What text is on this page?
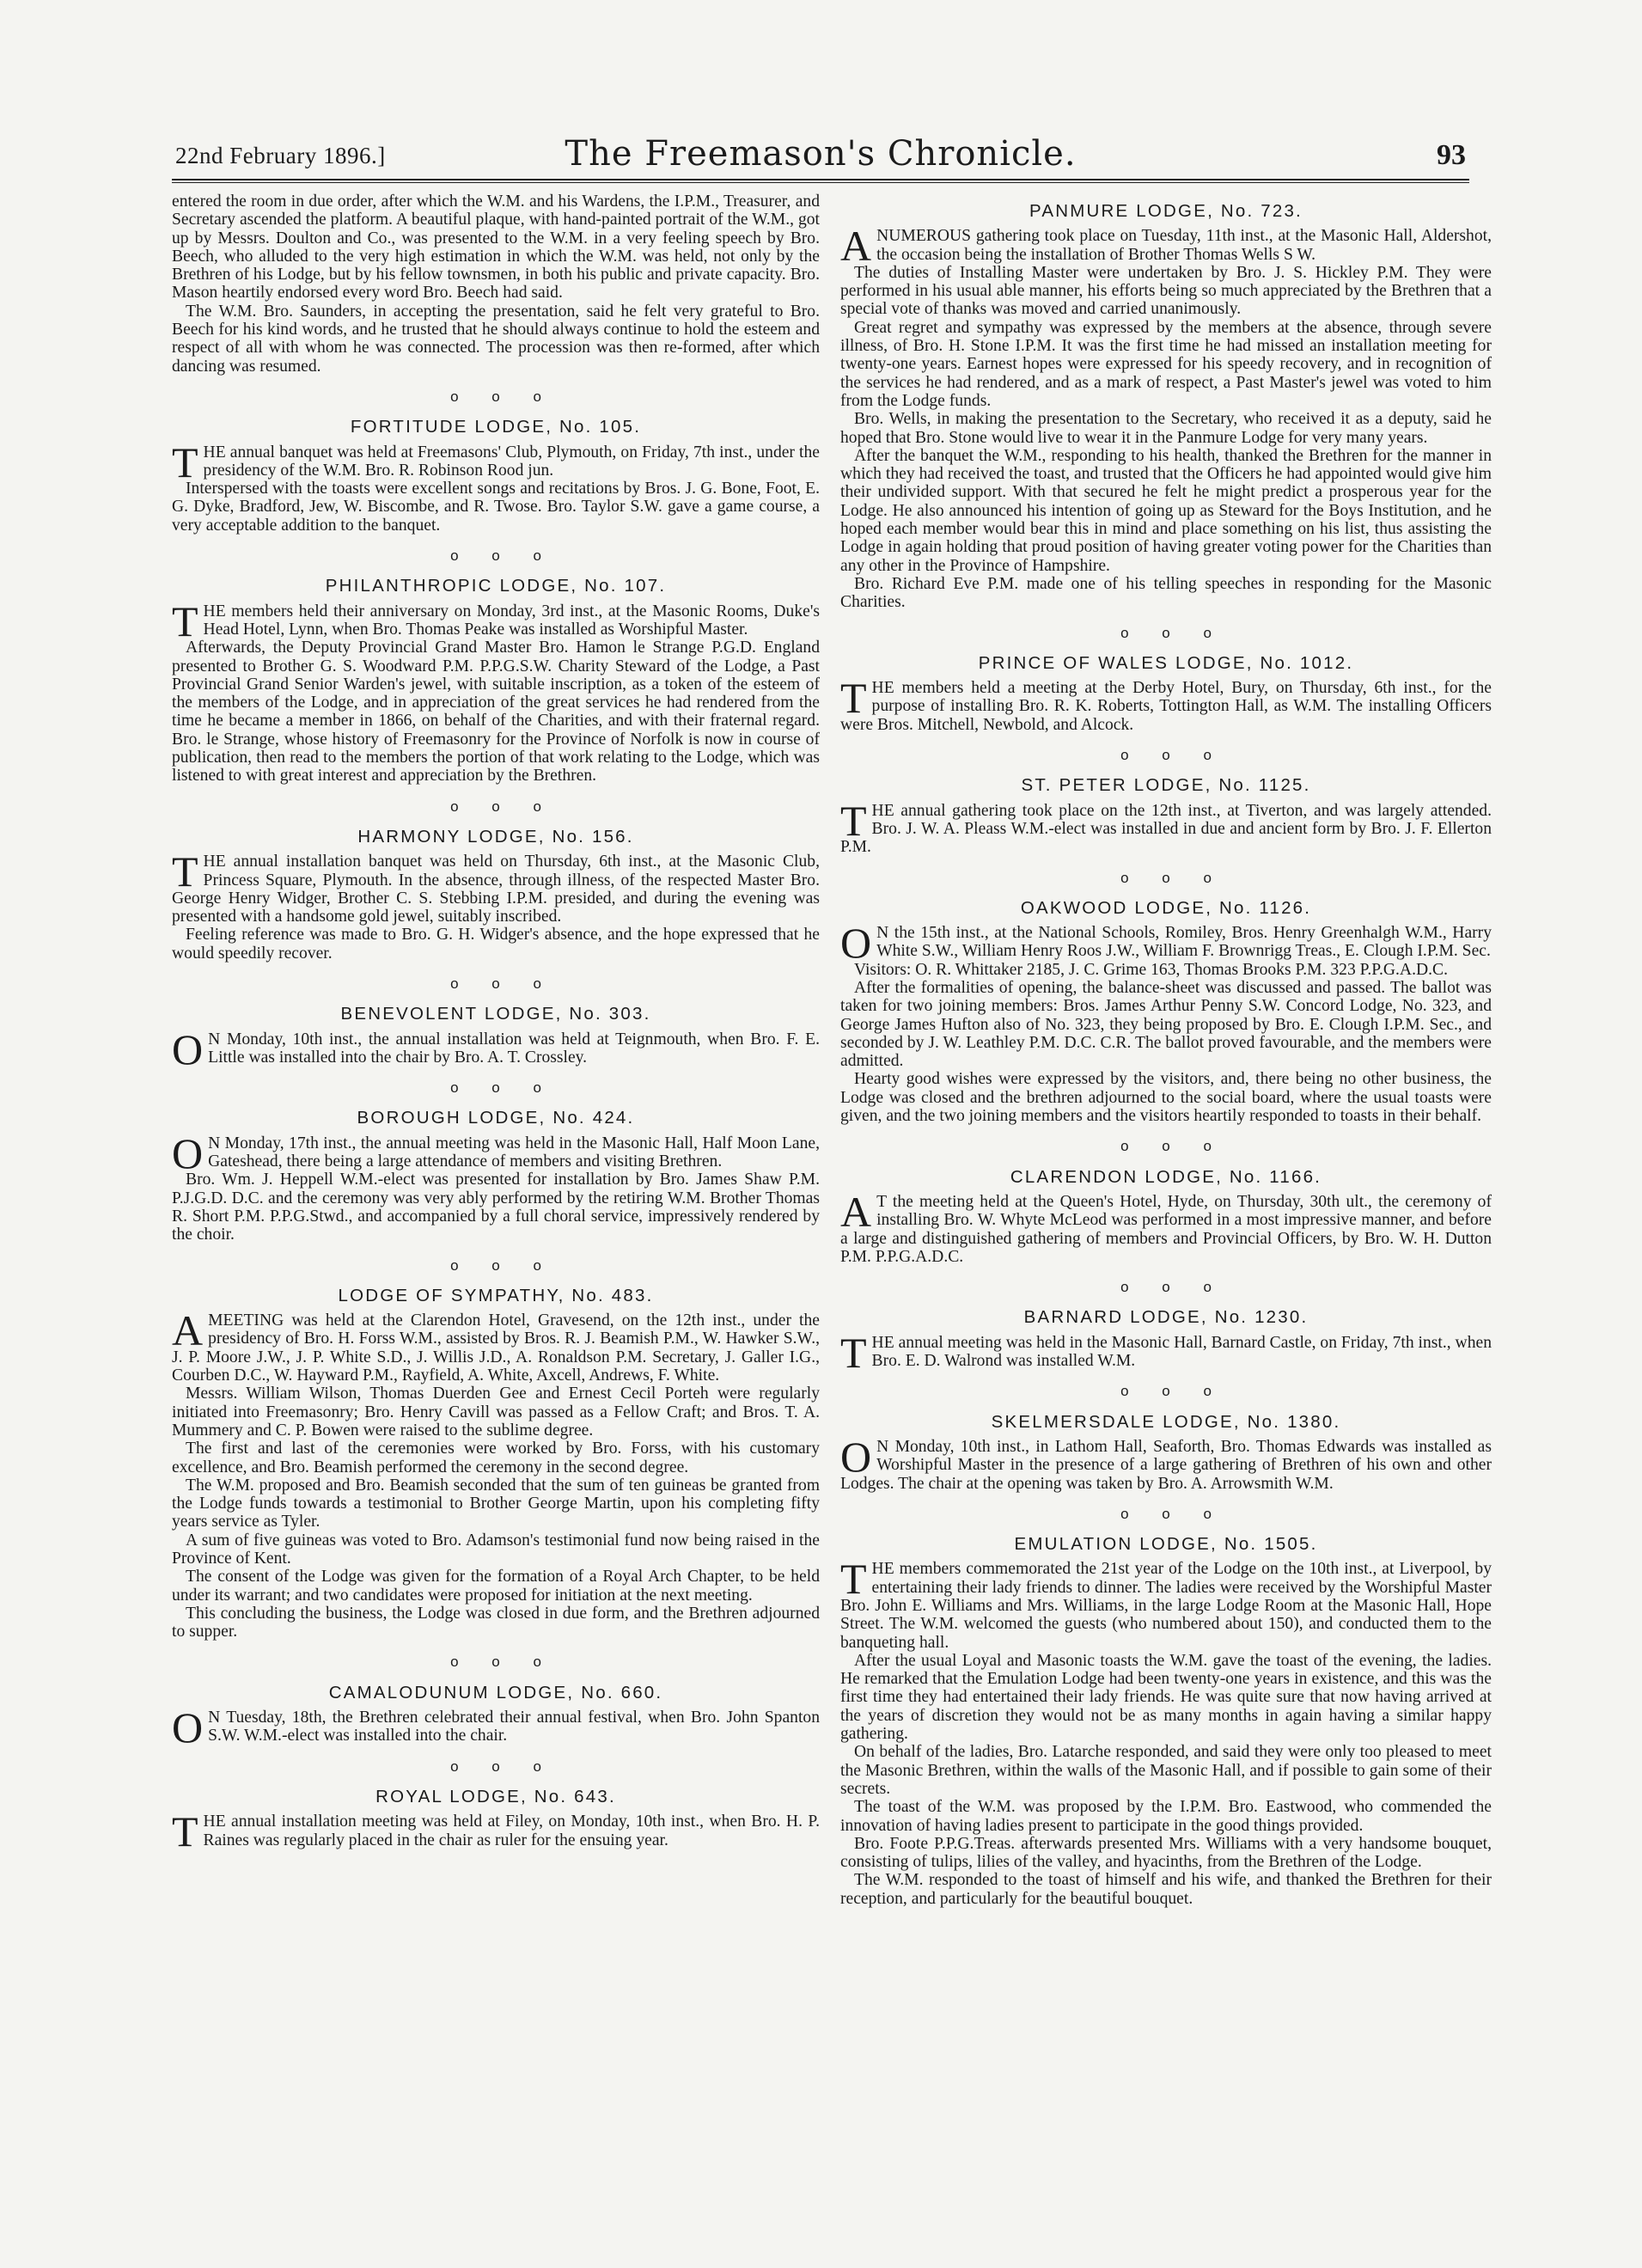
22nd February 1896.]	The Freemason's Chronicle.	93

entered the room in due order, after which the W.M. and his Wardens, the I.P.M., Treasurer, and Secretary ascended the platform. A beautiful plaque, with hand-painted portrait of the W.M., got up by Messrs. Doulton and Co., was presented to the W.M. in a very feeling speech by Bro. Beech, who alluded to the very high estimation in which the W.M. was held, not only by the Brethren of his Lodge, but by his fellow townsmen, in both his public and private capacity. Bro. Mason heartily endorsed every word Bro. Beech had said.

The W.M. Bro. Saunders, in accepting the presentation, said he felt very grateful to Bro. Beech for his kind words, and he trusted that he should always continue to hold the esteem and respect of all with whom he was connected. The procession was then re-formed, after which dancing was resumed.

o o o
FORTITUDE LODGE, No. 105.

THE annual banquet was held at Freemasons' Club, Plymouth, on Friday, 7th inst., under the presidency of the W.M. Bro. R. Robinson Rood jun.

Interspersed with the toasts were excellent songs and recitations by Bros. J. G. Bone, Foot, E. G. Dyke, Bradford, Jew, W. Biscombe, and R. Twose. Bro. Taylor S.W. gave a game course, a very acceptable addition to the banquet.

o o o
PHILANTHROPIC LODGE, No. 107.

THE members held their anniversary on Monday, 3rd inst., at the Masonic Rooms, Duke's Head Hotel, Lynn, when Bro. Thomas Peake was installed as Worshipful Master.

Afterwards, the Deputy Provincial Grand Master Bro. Hamon le Strange P.G.D. England presented to Brother G. S. Woodward P.M. P.P.G.S.W. Charity Steward of the Lodge, a Past Provincial Grand Senior Warden's jewel, with suitable inscription, as a token of the esteem of the members of the Lodge, and in appreciation of the great services he had rendered from the time he became a member in 1866, on behalf of the Charities, and with their fraternal regard. Bro. le Strange, whose history of Freemasonry for the Province of Norfolk is now in course of publication, then read to the members the portion of that work relating to the Lodge, which was listened to with great interest and appreciation by the Brethren.

o o o
HARMONY LODGE, No. 156.

THE annual installation banquet was held on Thursday, 6th inst., at the Masonic Club, Princess Square, Plymouth. In the absence, through illness, of the respected Master Bro. George Henry Widger, Brother C. S. Stebbing I.P.M. presided, and during the evening was presented with a handsome gold jewel, suitably inscribed.

Feeling reference was made to Bro. G. H. Widger's absence, and the hope expressed that he would speedily recover.

o o o
BENEVOLENT LODGE, No. 303.

O N Monday, 10th inst., the annual installation was held at Teignmouth, when Bro. F. E. Little was installed into the chair by Bro. A. T. Crossley.

o o o
BOROUGH LODGE, No. 424.

O N Monday, 17th inst., the annual meeting was held in the Masonic Hall, Half Moon Lane, Gateshead, there being a large attendance of members and visiting Brethren.

Bro. Wm. J. Heppell W.M.-elect was presented for installation by Bro. James Shaw P.M. P.J.G.D. D.C. and the ceremony was very ably performed by the retiring W.M. Brother Thomas R. Short P.M. P.P.G.Stwd., and accompanied by a full choral service, impressively rendered by the choir.

o o o
LODGE OF SYMPATHY, No. 483.

AMEETING was held at the Clarendon Hotel, Gravesend, on the 12th inst., under the presidency of Bro. H. Forss W.M., assisted by Bros. R. J. Beamish P.M., W. Hawker S.W., J. P. Moore J.W., J. P. White S.D., J. Willis J.D., A. Ronaldson P.M. Secretary, J. Galler I.G., Courben D.C., W. Hayward P.M., Rayfield, A. White, Axcell, Andrews, F. White.

Messrs. William Wilson, Thomas Duerden Gee and Ernest Cecil Porteh were regularly initiated into Freemasonry; Bro. Henry Cavill was passed as a Fellow Craft; and Bros. T. A. Mummery and C. P. Bowen were raised to the sublime degree.

The first and last of the ceremonies were worked by Bro. Forss, with his customary excellence, and Bro. Beamish performed the ceremony in the second degree.

The W.M. proposed and Bro. Beamish seconded that the sum of ten guineas be granted from the Lodge funds towards a testimonial to Brother George Martin, upon his completing fifty years service as Tyler.

A sum of five guineas was voted to Bro. Adamson's testimonial fund now being raised in the Province of Kent.

The consent of the Lodge was given for the formation of a Royal Arch Chapter, to be held under its warrant; and two candidates were proposed for initiation at the next meeting.

This concluding the business, the Lodge was closed in due form, and the Brethren adjourned to supper.

o o o
CAMALODUNUM LODGE, No. 660.

O N Tuesday, 18th, the Brethren celebrated their annual festival, when Bro. John Spanton S.W. W.M.-elect was installed into the chair.

o o o
ROYAL LODGE, No. 643.

THE annual installation meeting was held at Filey, on Monday, 10th inst., when Bro. H. P. Raines was regularly placed in the chair as ruler for the ensuing year.

PANMURE LODGE, No. 723.

ANUMEROUS gathering took place on Tuesday, 11th inst., at the Masonic Hall, Aldershot, the occasion being the installation of Brother Thomas Wells S W.

The duties of Installing Master were undertaken by Bro. J. S. Hickley P.M. They were performed in his usual able manner, his efforts being so much appreciated by the Brethren that a special vote of thanks was moved and carried unanimously.

Great regret and sympathy was expressed by the members at the absence, through severe illness, of Bro. H. Stone I.P.M. It was the first time he had missed an installation meeting for twenty-one years. Earnest hopes were expressed for his speedy recovery, and in recognition of the services he had rendered, and as a mark of respect, a Past Master's jewel was voted to him from the Lodge funds.

Bro. Wells, in making the presentation to the Secretary, who received it as a deputy, said he hoped that Bro. Stone would live to wear it in the Panmure Lodge for very many years.

After the banquet the W.M., responding to his health, thanked the Brethren for the manner in which they had received the toast, and trusted that the Officers he had appointed would give him their undivided support. With that secured he felt he might predict a prosperous year for the Lodge. He also announced his intention of going up as Steward for the Boys Institution, and he hoped each member would bear this in mind and place something on his list, thus assisting the Lodge in again holding that proud position of having greater voting power for the Charities than any other in the Province of Hampshire.

Bro. Richard Eve P.M. made one of his telling speeches in responding for the Masonic Charities.

o o o
PRINCE OF WALES LODGE, No. 1012.

THE members held a meeting at the Derby Hotel, Bury, on Thursday, 6th inst., for the purpose of installing Bro. R. K. Roberts, Tottington Hall, as W.M. The installing Officers were Bros. Mitchell, Newbold, and Alcock.

o o o
ST. PETER LODGE, No. 1125.

THE annual gathering took place on the 12th inst., at Tiverton, and was largely attended. Bro. J. W. A. Pleass W.M.-elect was installed in due and ancient form by Bro. J. F. Ellerton P.M.

o o o
OAKWOOD LODGE, No. 1126.

O N the 15th inst., at the National Schools, Romiley, Bros. Henry Greenhalgh W.M., Harry White S.W., William Henry Roos J.W., William F. Brownrigg Treas., E. Clough I.P.M. Sec.

Visitors: O. R. Whittaker 2185, J. C. Grime 163, Thomas Brooks P.M. 323 P.P.G.A.D.C.

After the formalities of opening, the balance-sheet was discussed and passed. The ballot was taken for two joining members: Bros. James Arthur Penny S.W. Concord Lodge, No. 323, and George James Hufton also of No. 323, they being proposed by Bro. E. Clough I.P.M. Sec., and seconded by J. W. Leathley P.M. D.C. C.R. The ballot proved favourable, and the members were admitted.

Hearty good wishes were expressed by the visitors, and, there being no other business, the Lodge was closed and the brethren adjourned to the social board, where the usual toasts were given, and the two joining members and the visitors heartily responded to toasts in their behalf.

o o o
CLARENDON LODGE, No. 1166.

A T the meeting held at the Queen's Hotel, Hyde, on Thursday, 30th ult., the ceremony of installing Bro. W. Whyte McLeod was performed in a most impressive manner, and before a large and distinguished gathering of members and Provincial Officers, by Bro. W. H. Dutton P.M. P.P.G.A.D.C.

o o o
BARNARD LODGE, No. 1230.

THE annual meeting was held in the Masonic Hall, Barnard Castle, on Friday, 7th inst., when Bro. E. D. Walrond was installed W.M.

o o o
SKELMERSDALE LODGE, No. 1380.

O N Monday, 10th inst., in Lathom Hall, Seaforth, Bro. Thomas Edwards was installed as Worshipful Master in the presence of a large gathering of Brethren of his own and other Lodges. The chair at the opening was taken by Bro. A. Arrowsmith W.M.

o o o
EMULATION LODGE, No. 1505.

THE members commemorated the 21st year of the Lodge on the 10th inst., at Liverpool, by entertaining their lady friends to dinner. The ladies were received by the Worshipful Master Bro. John E. Williams and Mrs. Williams, in the large Lodge Room at the Masonic Hall, Hope Street. The W.M. welcomed the guests (who numbered about 150), and conducted them to the banqueting hall.

After the usual Loyal and Masonic toasts the W.M. gave the toast of the evening, the ladies. He remarked that the Emulation Lodge had been twenty-one years in existence, and this was the first time they had entertained their lady friends. He was quite sure that now having arrived at the years of discretion they would not be as many months in again having a similar happy gathering.

On behalf of the ladies, Bro. Latarche responded, and said they were only too pleased to meet the Masonic Brethren, within the walls of the Masonic Hall, and if possible to gain some of their secrets.

The toast of the W.M. was proposed by the I.P.M. Bro. Eastwood, who commended the innovation of having ladies present to participate in the good things provided.

Bro. Foote P.P.G.Treas. afterwards presented Mrs. Williams with a very handsome bouquet, consisting of tulips, lilies of the valley, and hyacinths, from the Brethren of the Lodge.

The W.M. responded to the toast of himself and his wife, and thanked the Brethren for their reception, and particularly for the beautiful bouquet.
